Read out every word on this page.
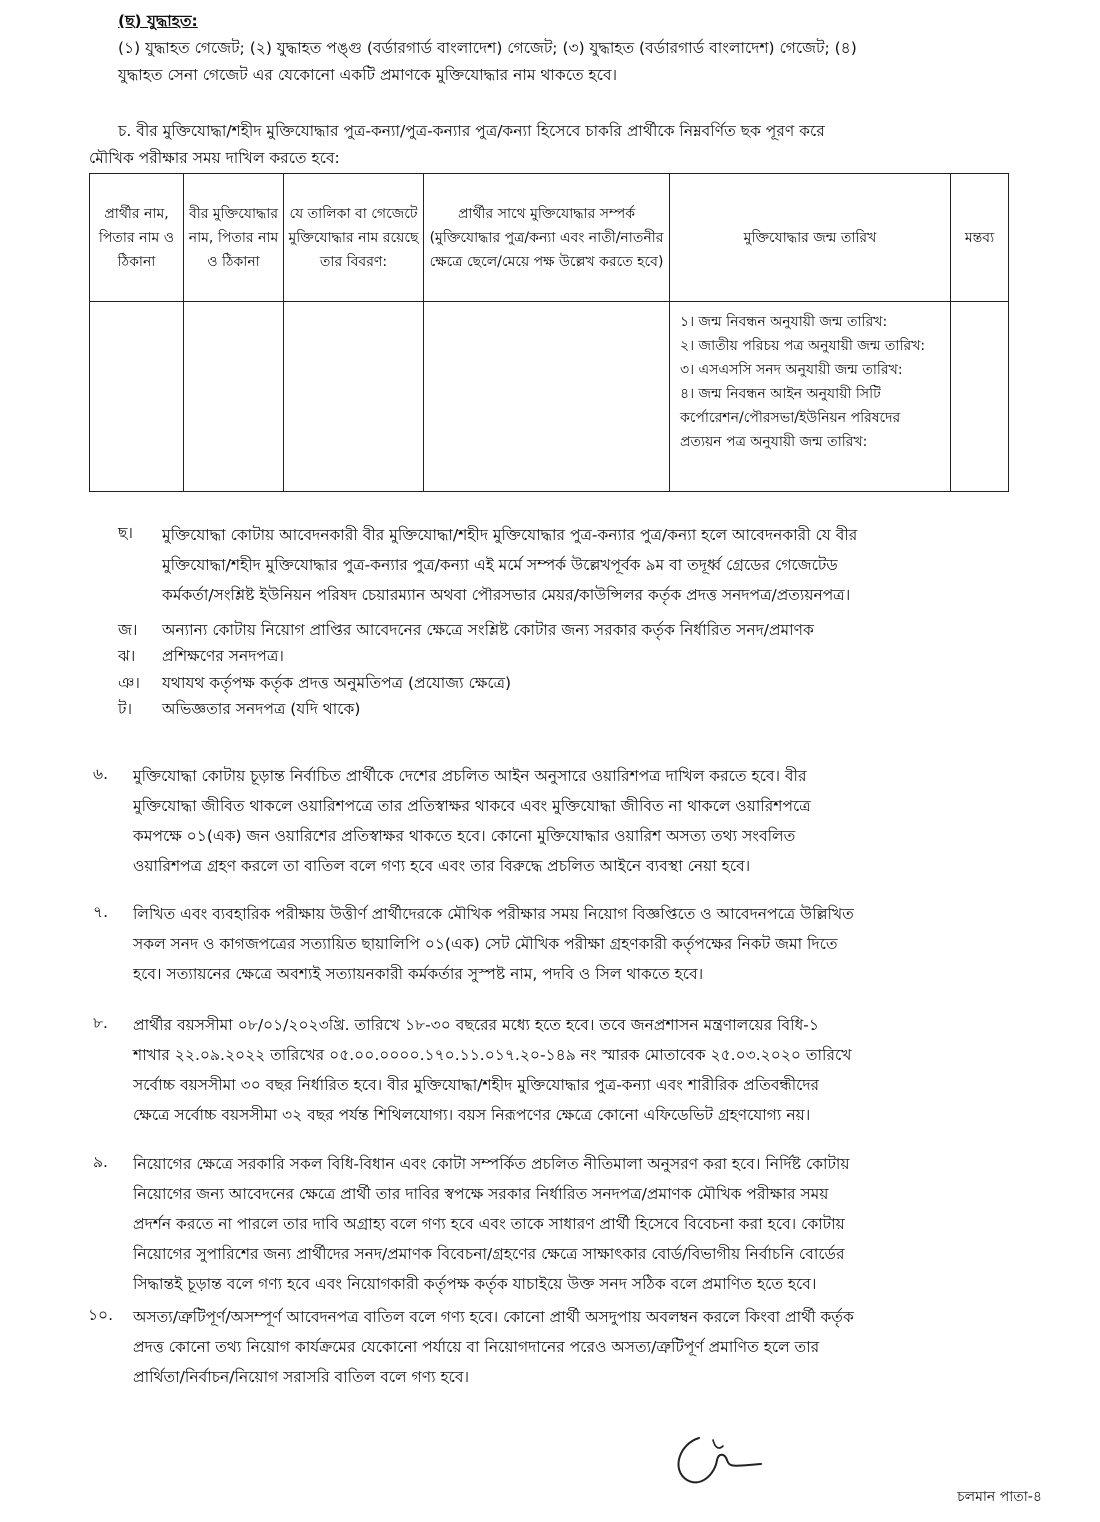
(ছ) যুদ্ধাহত:
(১) যুদ্ধাহত গেজেট; (২) যুদ্ধাহত পঙ্গু (বর্ডারগার্ড বাংলাদেশ) গেজেট; (৩) যুদ্ধাহত (বর্ডারগার্ড বাংলাদেশ) গেজেট; (৪)
যুদ্ধাহত সেনা গেজেট এর যেকোনো একটি প্রমাণকে মুক্তিযোদ্ধার নাম থাকতে হবে।
চ. বীর মুক্তিযোদ্ধা/শহীদ মুক্তিযোদ্ধার পুত্র-কন্যা/পুত্র-কন্যার পুত্র/কন্যা হিসেবে চাকরি প্রার্থীকে নিম্নবর্ণিত ছক পূরণ করে
মৌখিক পরীক্ষার সময় দাখিল করতে হবে:
প্রার্থীর নাম, পিতার নাম ও ঠিকানা	বীর মুক্তিযোদ্ধার নাম, পিতার নাম ও ঠিকানা	যে তালিকা বা গেজেটে মুক্তিযোদ্ধার নাম রয়েছে তার বিবরণ:	প্রার্থীর সাথে মুক্তিযোদ্ধার সম্পর্ক (মুক্তিযোদ্ধার পুত্র/কন্যা এবং নাতী/নাতনীর ক্ষেত্রে ছেলে/মেয়ে পক্ষ উল্লেখ করতে হবে)	মুক্তিযোদ্ধার জন্ম তারিখ	মন্তব্য

				১। জন্ম নিবন্ধন অনুযায়ী জন্ম তারিখ:
২। জাতীয় পরিচয় পত্র অনুযায়ী জন্ম তারিখ:
৩। এসএসসি সনদ অনুযায়ী জন্ম তারিখ:
৪। জন্ম নিবন্ধন আইন অনুযায়ী সিটি কর্পোরেশন/পৌরসভা/ইউনিয়ন পরিষদের প্রত্যয়ন পত্র অনুযায়ী জন্ম তারিখ:	

ছ।	মুক্তিযোদ্ধা কোটায় আবেদনকারী বীর মুক্তিযোদ্ধা/শহীদ মুক্তিযোদ্ধার পুত্র-কন্যার পুত্র/কন্যা হলে আবেদনকারী যে বীর
মুক্তিযোদ্ধা/শহীদ মুক্তিযোদ্ধার পুত্র-কন্যার পুত্র/কন্যা এই মর্মে সম্পর্ক উল্লেখপূর্বক ৯ম বা তদূর্ধ্ব গ্রেডের গেজেটেড
কর্মকর্তা/সংশ্লিষ্ট ইউনিয়ন পরিষদ চেয়ারম্যান অথবা পৌরসভার মেয়র/কাউন্সিলর কর্তৃক প্রদত্ত সনদপত্র/প্রত্যয়নপত্র।
জ। অন্যান্য কোটায় নিয়োগ প্রাপ্তির আবেদনের ক্ষেত্রে সংশ্লিষ্ট কোটার জন্য সরকার কর্তৃক নির্ধারিত সনদ/প্রমাণক
ঝ। প্রশিক্ষণের সনদপত্র।
ঞ। যথাযথ কর্তৃপক্ষ কর্তৃক প্রদত্ত অনুমতিপত্র (প্রযোজ্য ক্ষেত্রে)
ট। অভিজ্ঞতার সনদপত্র (যদি থাকে)
৬. মুক্তিযোদ্ধা কোটায় চূড়ান্ত নির্বাচিত প্রার্থীকে দেশের প্রচলিত আইন অনুসারে ওয়ারিশপত্র দাখিল করতে হবে। বীর
মুক্তিযোদ্ধা জীবিত থাকলে ওয়ারিশপত্রে তার প্রতিস্বাক্ষর থাকবে এবং মুক্তিযোদ্ধা জীবিত না থাকলে ওয়ারিশপত্রে
কমপক্ষে ০১(এক) জন ওয়ারিশের প্রতিস্বাক্ষর থাকতে হবে। কোনো মুক্তিযোদ্ধার ওয়ারিশ অসত্য তথ্য সংবলিত
ওয়ারিশপত্র গ্রহণ করলে তা বাতিল বলে গণ্য হবে এবং তার বিরুদ্ধে প্রচলিত আইনে ব্যবস্থা নেয়া হবে।
৭. লিখিত এবং ব্যবহারিক পরীক্ষায় উত্তীর্ণ প্রার্থীদেরকে মৌখিক পরীক্ষার সময় নিয়োগ বিজ্ঞপ্তিতে ও আবেদনপত্রে উল্লিখিত
সকল সনদ ও কাগজপত্রের সত্যায়িত ছায়ালিপি ০১(এক) সেট মৌখিক পরীক্ষা গ্রহণকারী কর্তৃপক্ষের নিকট জমা দিতে
হবে। সত্যায়নের ক্ষেত্রে অবশ্যই সত্যায়নকারী কর্মকর্তার সুস্পষ্ট নাম, পদবি ও সিল থাকতে হবে।
৮. প্রার্থীর বয়সসীমা ০৮/০১/২০২৩খ্রি. তারিখে ১৮-৩০ বছরের মধ্যে হতে হবে। তবে জনপ্রশাসন মন্ত্রণালয়ের বিধি-১
শাখার ২২.০৯.২০২২ তারিখের ০৫.০০.০০০০.১৭০.১১.০১৭.২০-১৪৯ নং স্মারক মোতাবেক ২৫.০৩.২০২০ তারিখে
সর্বোচ্চ বয়সসীমা ৩০ বছর নির্ধারিত হবে। বীর মুক্তিযোদ্ধা/শহীদ মুক্তিযোদ্ধার পুত্র-কন্যা এবং শারীরিক প্রতিবন্ধীদের
ক্ষেত্রে সর্বোচ্চ বয়সসীমা ৩২ বছর পর্যন্ত শিথিলযোগ্য। বয়স নিরূপণের ক্ষেত্রে কোনো এফিডেভিট গ্রহণযোগ্য নয়।
৯. নিয়োগের ক্ষেত্রে সরকারি সকল বিধি-বিধান এবং কোটা সম্পর্কিত প্রচলিত নীতিমালা অনুসরণ করা হবে। নির্দিষ্ট কোটায়
নিয়োগের জন্য আবেদনের ক্ষেত্রে প্রার্থী তার দাবির স্বপক্ষে সরকার নির্ধারিত সনদপত্র/প্রমাণক মৌখিক পরীক্ষার সময়
প্রদর্শন করতে না পারলে তার দাবি অগ্রাহ্য বলে গণ্য হবে এবং তাকে সাধারণ প্রার্থী হিসেবে বিবেচনা করা হবে। কোটায়
নিয়োগের সুপারিশের জন্য প্রার্থীদের সনদ/প্রমাণক বিবেচনা/গ্রহণের ক্ষেত্রে সাক্ষাৎকার বোর্ড/বিভাগীয় নির্বাচনি বোর্ডের
সিদ্ধান্তই চূড়ান্ত বলে গণ্য হবে এবং নিয়োগকারী কর্তৃপক্ষ কর্তৃক যাচাইয়ে উক্ত সনদ সঠিক বলে প্রমাণিত হতে হবে।
১০. অসত্য/ত্রুটিপূর্ণ/অসম্পূর্ণ আবেদনপত্র বাতিল বলে গণ্য হবে। কোনো প্রার্থী অসদুপায় অবলম্বন করলে কিংবা প্রার্থী কর্তৃক
প্রদত্ত কোনো তথ্য নিয়োগ কার্যক্রমের যেকোনো পর্যায়ে বা নিয়োগদানের পরেও অসত্য/ত্রুটিপূর্ণ প্রমাণিত হলে তার
প্রার্থিতা/নির্বাচন/নিয়োগ সরাসরি বাতিল বলে গণ্য হবে।
চলমান পাতা-৪
